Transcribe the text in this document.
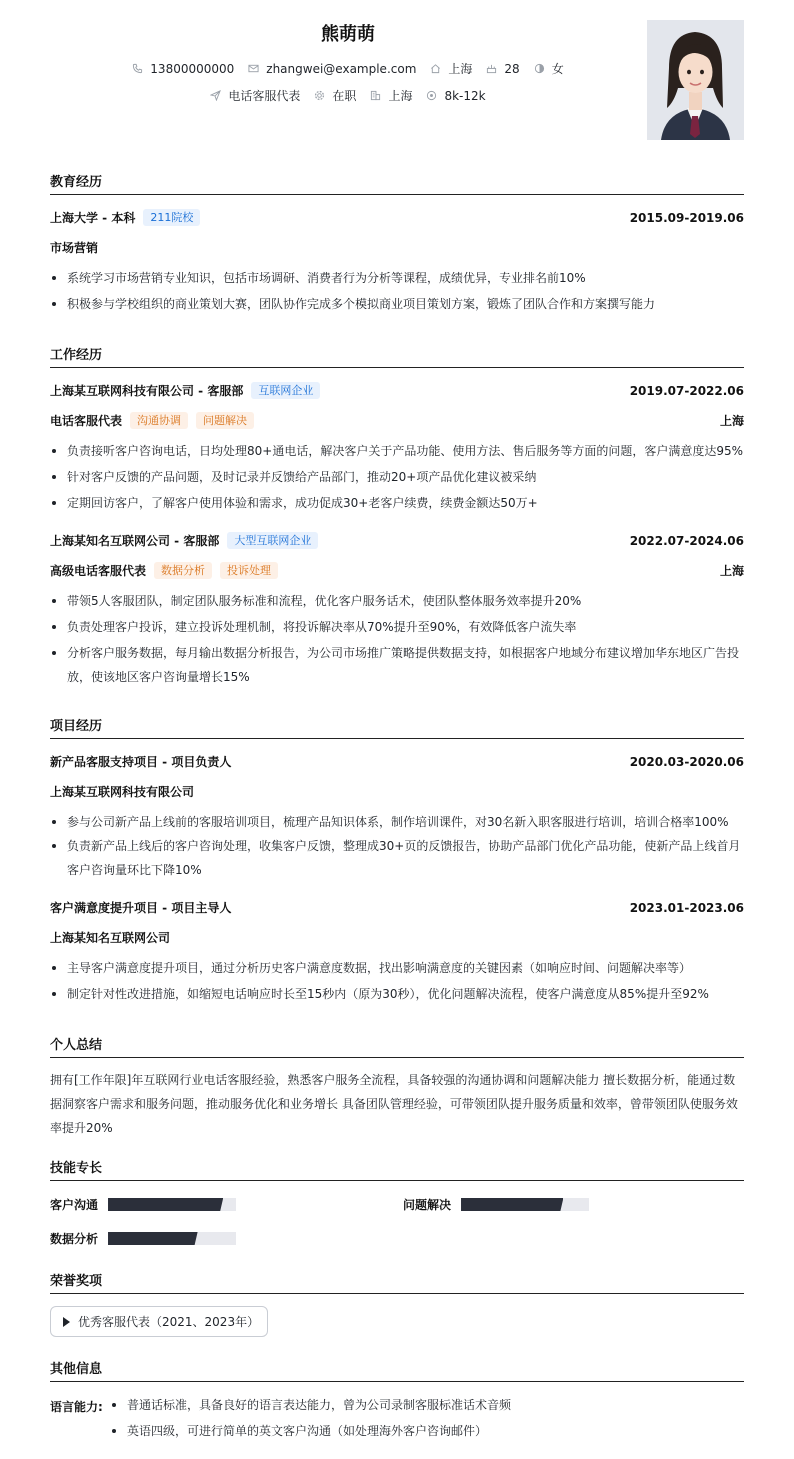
熊萌萌
13800000000	zhangwei@example.com	上海	28	女
电话客服代表	在职	上海	8k-12k
教育经历
上海大学 - 本科	211院校	2015.09-2019.06
市场营销
系统学习市场营销专业知识，包括市场调研、消费者行为分析等课程，成绩优异，专业排名前10%
积极参与学校组织的商业策划大赛，团队协作完成多个模拟商业项目策划方案，锻炼了团队合作和方案撰写能力
工作经历
上海某互联网科技有限公司 - 客服部	互联网企业	2019.07-2022.06
电话客服代表	沟通协调	问题解决	上海
负责接听客户咨询电话，日均处理80+通电话，解决客户关于产品功能、使用方法、售后服务等方面的问题，客户满意度达95%
针对客户反馈的产品问题，及时记录并反馈给产品部门，推动20+项产品优化建议被采纳
定期回访客户，了解客户使用体验和需求，成功促成30+老客户续费，续费金额达50万+
上海某知名互联网公司 - 客服部	大型互联网企业	2022.07-2024.06
高级电话客服代表	数据分析	投诉处理	上海
带领5人客服团队，制定团队服务标准和流程，优化客户服务话术，使团队整体服务效率提升20%
负责处理客户投诉，建立投诉处理机制，将投诉解决率从70%提升至90%，有效降低客户流失率
分析客户服务数据，每月输出数据分析报告，为公司市场推广策略提供数据支持，如根据客户地域分布建议增加华东地区广告投放，使该地区客户咨询量增长15%
项目经历
新产品客服支持项目 - 项目负责人	2020.03-2020.06
上海某互联网科技有限公司
参与公司新产品上线前的客服培训项目，梳理产品知识体系，制作培训课件，对30名新入职客服进行培训，培训合格率100%
负责新产品上线后的客户咨询处理，收集客户反馈，整理成30+页的反馈报告，协助产品部门优化产品功能，使新产品上线首月客户咨询量环比下降10%
客户满意度提升项目 - 项目主导人	2023.01-2023.06
上海某知名互联网公司
主导客户满意度提升项目，通过分析历史客户满意度数据，找出影响满意度的关键因素（如响应时间、问题解决率等）
制定针对性改进措施，如缩短电话响应时长至15秒内（原为30秒），优化问题解决流程，使客户满意度从85%提升至92%
个人总结
拥有[工作年限]年互联网行业电话客服经验，熟悉客户服务全流程，具备较强的沟通协调和问题解决能力 擅长数据分析，能通过数据洞察客户需求和服务问题，推动服务优化和业务增长 具备团队管理经验，可带领团队提升服务质量和效率，曾带领团队使服务效率提升20%
技能专长
客户沟通	问题解决
数据分析
荣誉奖项
优秀客服代表（2021、2023年）
其他信息
语言能力:	普通话标准，具备良好的语言表达能力，曾为公司录制客服标准话术音频
英语四级，可进行简单的英文客户沟通（如处理海外客户咨询邮件）
